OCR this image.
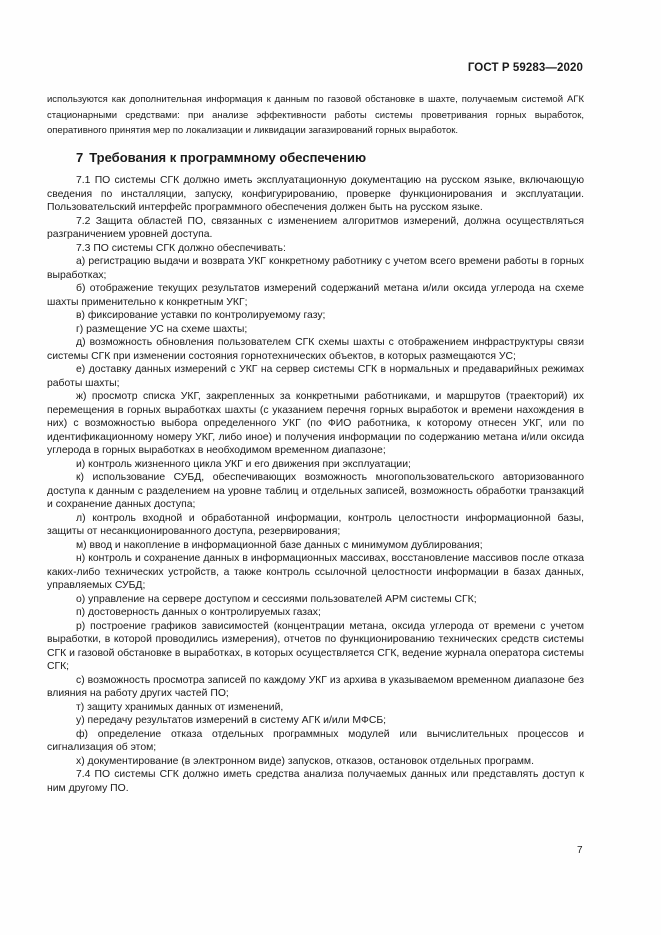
ГОСТ Р 59283—2020

используются как дополнительная информация к данным по газовой обстановке в шахте, получаемым системой АГК стационарными средствами: при анализе эффективности работы системы проветривания горных выработок, оперативного принятия мер по локализации и ликвидации загазирований горных выработок.

7 Требования к программному обеспечению

7.1 ПО системы СГК должно иметь эксплуатационную документацию на русском языке, включающую сведения по инсталляции, запуску, конфигурированию, проверке функционирования и эксплуатации. Пользовательский интерфейс программного обеспечения должен быть на русском языке.

7.2 Защита областей ПО, связанных с изменением алгоритмов измерений, должна осуществляться разграничением уровней доступа.

7.3 ПО системы СГК должно обеспечивать:

а) регистрацию выдачи и возврата УКГ конкретному работнику с учетом всего времени работы в горных выработках;

б) отображение текущих результатов измерений содержаний метана и/или оксида углерода на схеме шахты применительно к конкретным УКГ;

в) фиксирование уставки по контролируемому газу;

г) размещение УС на схеме шахты;

д) возможность обновления пользователем СГК схемы шахты с отображением инфраструктуры связи системы СГК при изменении состояния горнотехнических объектов, в которых размещаются УС;

е) доставку данных измерений с УКГ на сервер системы СГК в нормальных и предаварийных режимах работы шахты;

ж) просмотр списка УКГ, закрепленных за конкретными работниками, и маршрутов (траекторий) их перемещения в горных выработках шахты (с указанием перечня горных выработок и времени нахождения в них) с возможностью выбора определенного УКГ (по ФИО работника, к которому отнесен УКГ, или по идентификационному номеру УКГ, либо иное) и получения информации по содержанию метана и/или оксида углерода в горных выработках в необходимом временном диапазоне;

и) контроль жизненного цикла УКГ и его движения при эксплуатации;

к) использование СУБД, обеспечивающих возможность многопользовательского авторизованного доступа к данным с разделением на уровне таблиц и отдельных записей, возможность обработки транзакций и сохранение данных доступа;

л) контроль входной и обработанной информации, контроль целостности информационной базы, защиты от несанкционированного доступа, резервирования;

м) ввод и накопление в информационной базе данных с минимумом дублирования;

н) контроль и сохранение данных в информационных массивах, восстановление массивов после отказа каких-либо технических устройств, а также контроль ссылочной целостности информации в базах данных, управляемых СУБД;

о) управление на сервере доступом и сессиями пользователей АРМ системы СГК;

п) достоверность данных о контролируемых газах;

р) построение графиков зависимостей (концентрации метана, оксида углерода от времени с учетом выработки, в которой проводились измерения), отчетов по функционированию технических средств системы СГК и газовой обстановке в выработках, в которых осуществляется СГК, ведение журнала оператора системы СГК;

с) возможность просмотра записей по каждому УКГ из архива в указываемом временном диапазоне без влияния на работу других частей ПО;

т) защиту хранимых данных от изменений,

у) передачу результатов измерений в систему АГК и/или МФСБ;

ф) определение отказа отдельных программных модулей или вычислительных процессов и сигнализация об этом;

х) документирование (в электронном виде) запусков, отказов, остановок отдельных программ.

7.4 ПО системы СГК должно иметь средства анализа получаемых данных или представлять доступ к ним другому ПО.

7
